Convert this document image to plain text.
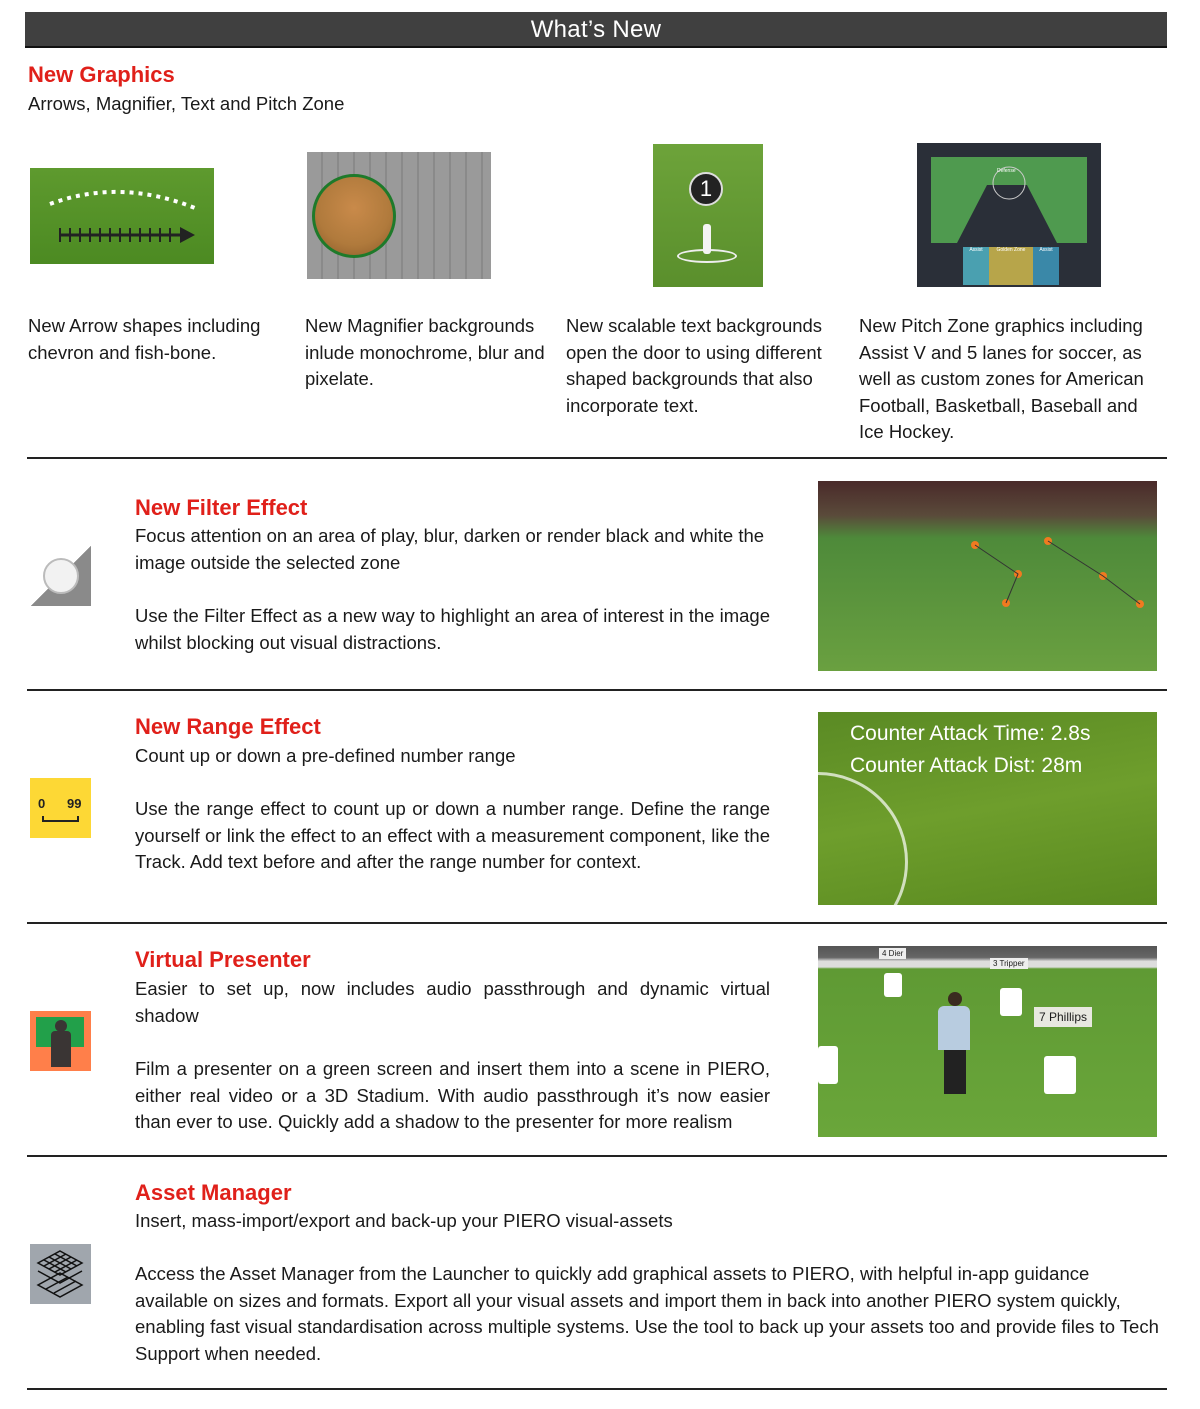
What’s New
New Graphics
Arrows, Magnifier, Text and Pitch Zone
1
Defense
Assist	Golden Zone	Assist
New Arrow shapes including chevron and fish-bone.
New Magnifier backgrounds inlude monochrome, blur and pixelate.
New scalable text backgrounds open the door to using different shaped backgrounds that also incorporate text.
New Pitch Zone graphics including Assist V and 5 lanes for soccer, as well as custom zones for American Football, Basketball, Baseball and Ice Hockey.
New Filter Effect
Focus attention on an area of play, blur, darken or render black and white the image outside the selected zone
Use the Filter Effect as a new way to highlight an area of interest in the image whilst blocking out visual distractions.
0 99
New Range Effect
Count up or down a pre-defined number range
Use the range effect to count up or down a number range. Define the range yourself or link the effect to an effect with a measurement component, like the Track. Add text before and after the range number for context.
Counter Attack Time: 2.8s
Counter Attack Dist: 28m
Virtual Presenter
Easier to set up, now includes audio passthrough and dynamic virtual shadow
Film a presenter on a green screen and insert them into a scene in PIERO, either real video or a 3D Stadium. With audio passthrough it’s now easier than ever to use. Quickly add a shadow to the presenter for more realism
4 Dier
3 Tripper
7 Phillips
Asset Manager
Insert, mass-import/export and back-up your PIERO visual-assets
Access the Asset Manager from the Launcher to quickly add graphical assets to PIERO, with helpful in-app guidance available on sizes and formats. Export all your visual assets and import them in back into another PIERO system quickly, enabling fast visual standardisation across multiple systems. Use the tool to back up your assets too and provide files to Tech Support when needed.
